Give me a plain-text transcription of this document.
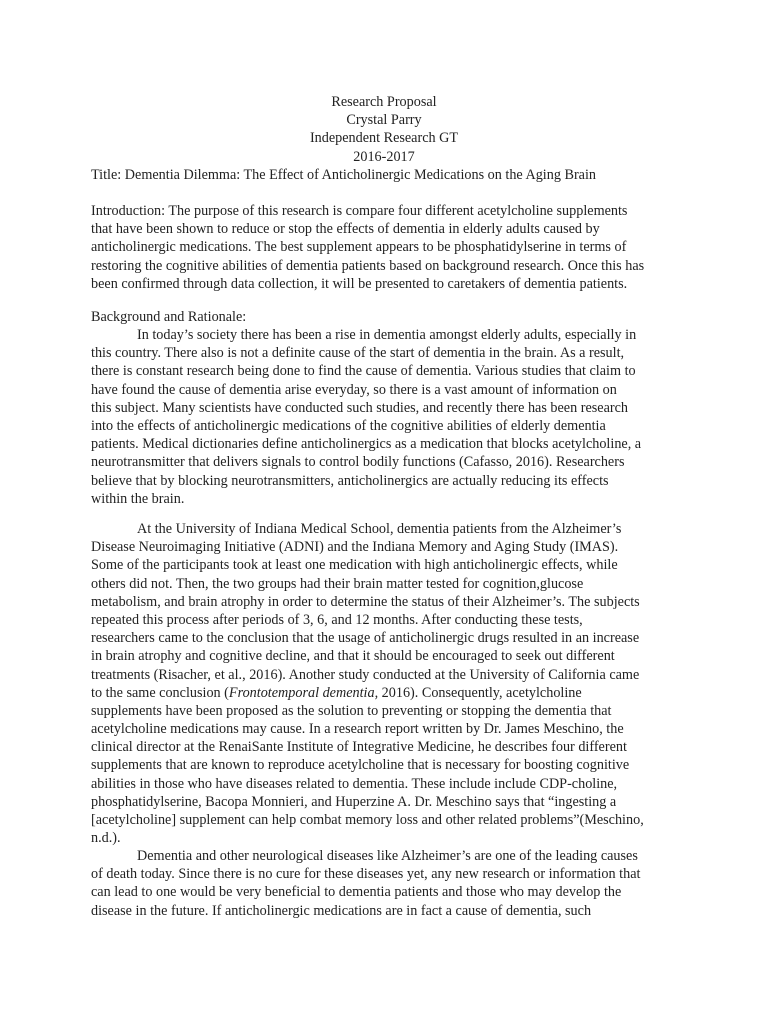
Research Proposal
Crystal Parry
Independent Research GT
2016-2017
Title: Dementia Dilemma: The Effect of Anticholinergic Medications on the Aging Brain
Introduction: The purpose of this research is compare four different acetylcholine supplements
that have been shown to reduce or stop the effects of dementia in elderly adults caused by
anticholinergic medications. The best supplement appears to be phosphatidylserine in terms of
restoring the cognitive abilities of dementia patients based on background research. Once this has
been confirmed through data collection, it will be presented to caretakers of dementia patients.
Background and Rationale:
In today’s society there has been a rise in dementia amongst elderly adults, especially in
this country. There also is not a definite cause of the start of dementia in the brain. As a result,
there is constant research being done to find the cause of dementia. Various studies that claim to
have found the cause of dementia arise everyday, so there is a vast amount of information on
this subject. Many scientists have conducted such studies, and recently there has been research
into the effects of anticholinergic medications of the cognitive abilities of elderly dementia
patients. Medical dictionaries define anticholinergics as a medication that blocks acetylcholine, a
neurotransmitter that delivers signals to control bodily functions (Cafasso, 2016). Researchers
believe that by blocking neurotransmitters, anticholinergics are actually reducing its effects
within the brain.
At the University of Indiana Medical School, dementia patients from the Alzheimer’s
Disease Neuroimaging Initiative (ADNI) and the Indiana Memory and Aging Study (IMAS).
Some of the participants took at least one medication with high anticholinergic effects, while
others did not. Then, the two groups had their brain matter tested for cognition,glucose
metabolism, and brain atrophy in order to determine the status of their Alzheimer’s. The subjects
repeated this process after periods of 3, 6, and 12 months. After conducting these tests,
researchers came to the conclusion that the usage of anticholinergic drugs resulted in an increase
in brain atrophy and cognitive decline, and that it should be encouraged to seek out different
treatments (Risacher, et al., 2016). Another study conducted at the University of California came
to the same conclusion (Frontotemporal dementia, 2016). Consequently, acetylcholine
supplements have been proposed as the solution to preventing or stopping the dementia that
acetylcholine medications may cause. In a research report written by Dr. James Meschino, the
clinical director at the RenaiSante Institute of Integrative Medicine, he describes four different
supplements that are known to reproduce acetylcholine that is necessary for boosting cognitive
abilities in those who have diseases related to dementia. These include include CDP-choline,
phosphatidylserine, Bacopa Monnieri, and Huperzine A. Dr. Meschino says that “ingesting a
[acetylcholine] supplement can help combat memory loss and other related problems”(Meschino,
n.d.).
Dementia and other neurological diseases like Alzheimer’s are one of the leading causes
of death today. Since there is no cure for these diseases yet, any new research or information that
can lead to one would be very beneficial to dementia patients and those who may develop the
disease in the future. If anticholinergic medications are in fact a cause of dementia, such
